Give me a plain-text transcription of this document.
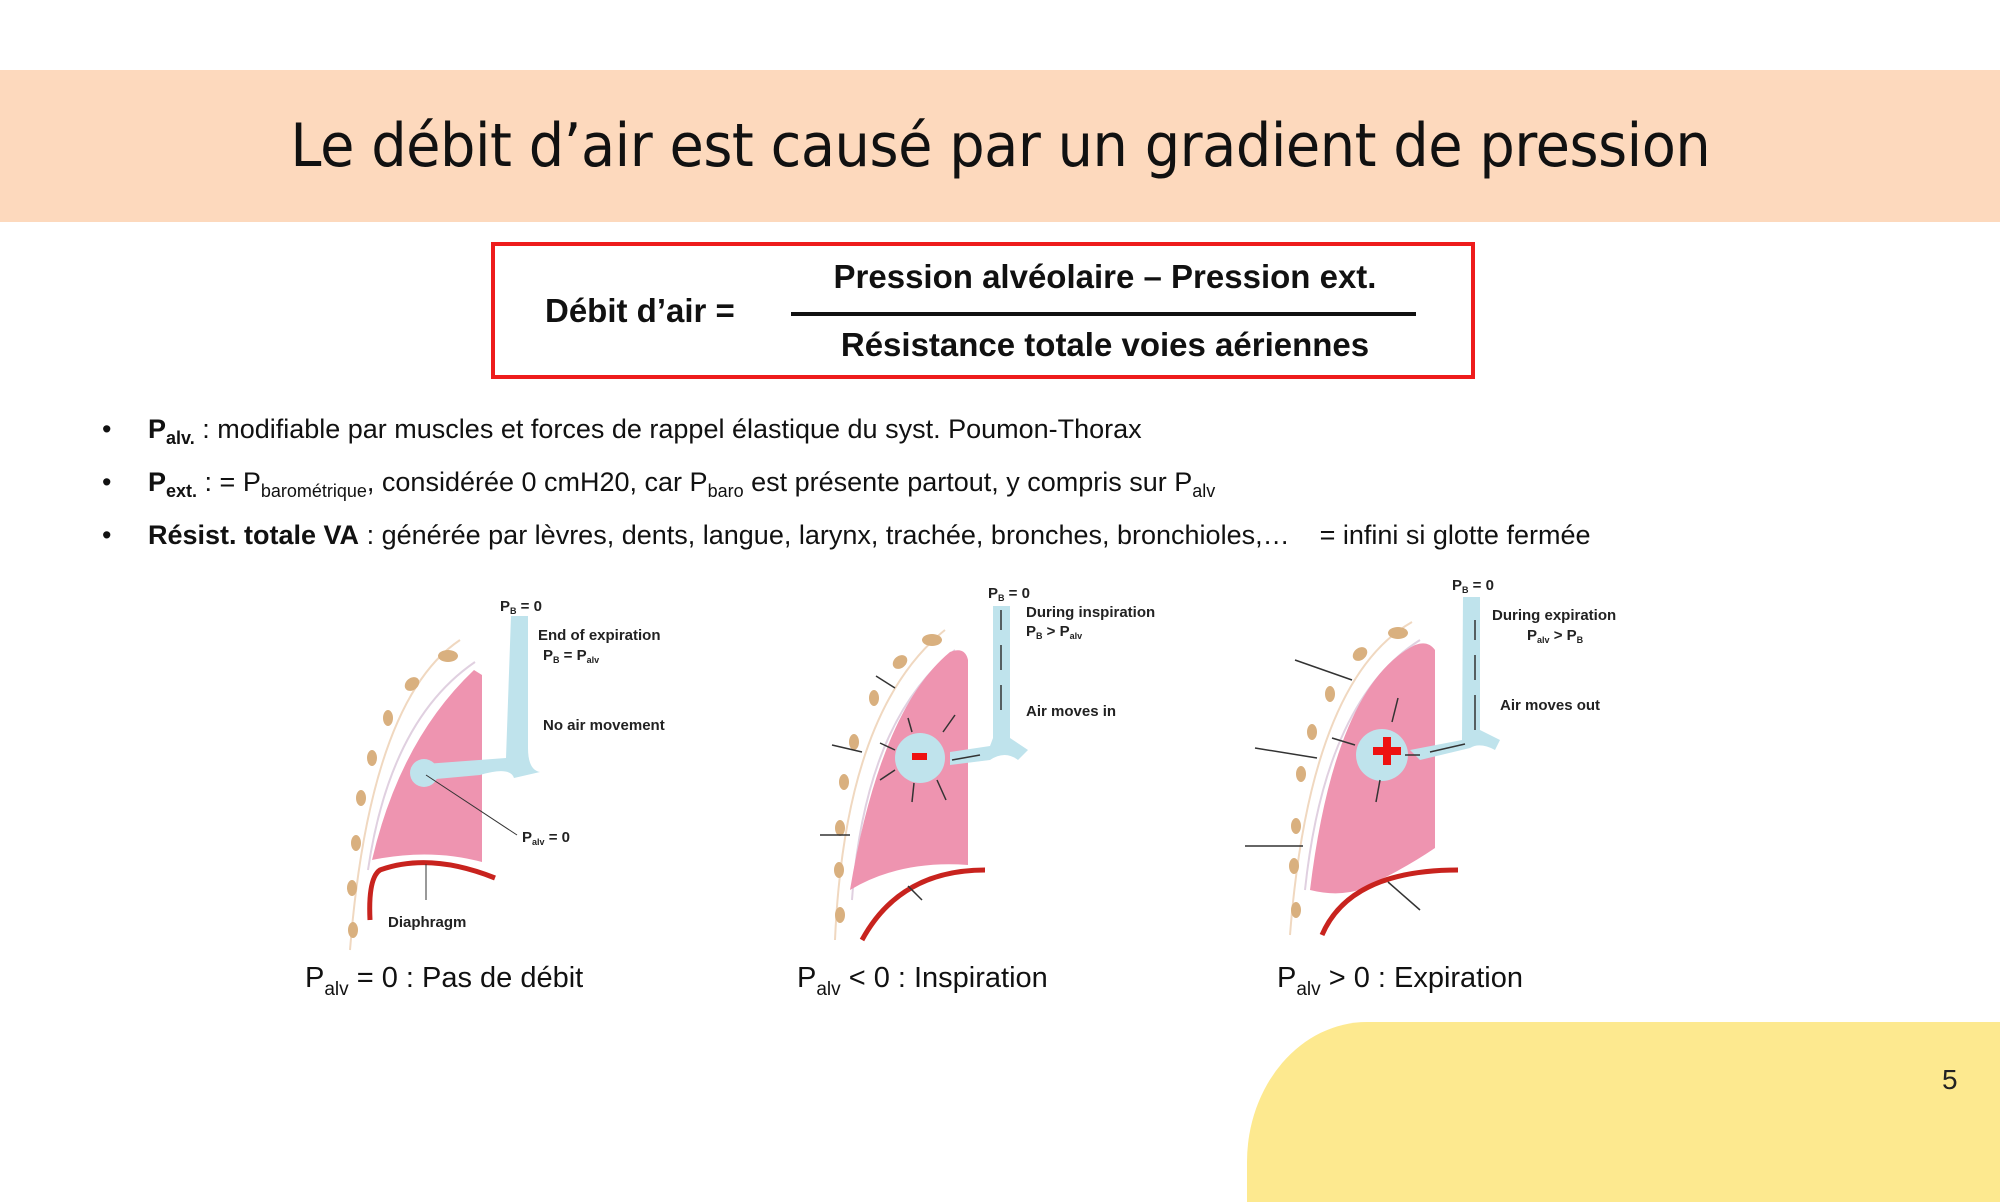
Le débit d’air est causé par un gradient de pression
Débit d’air =
Pression alvéolaire – Pression ext.
Résistance totale voies aériennes
• $P_{alv.}$ : modifiable par muscles et forces de rappel élastique du syst. Poumon-Thorax
• $P_{ext.}$ : = $P_{barométrique}$, considérée 0 cmH20, car $P_{baro}$ est présente partout, y compris sur $P_{alv}$
• Résist. totale VA : générée par lèvres, dents, langue, larynx, trachée, bronches, bronchioles,… = infini si glotte fermée
$P_B = 0$
End of expiration
$P_B = P_{alv}$
No air movement
$P_{alv} = 0$
Diaphragm
$P_B = 0$
During inspiration
$P_B > P_{alv}$
Air moves in
$P_B = 0$
During expiration
$P_{alv} > P_B$
Air moves out
$P_{alv} = 0$ : Pas de débit	$P_{alv} < 0$ : Inspiration	$P_{alv} > 0$ : Expiration
5
